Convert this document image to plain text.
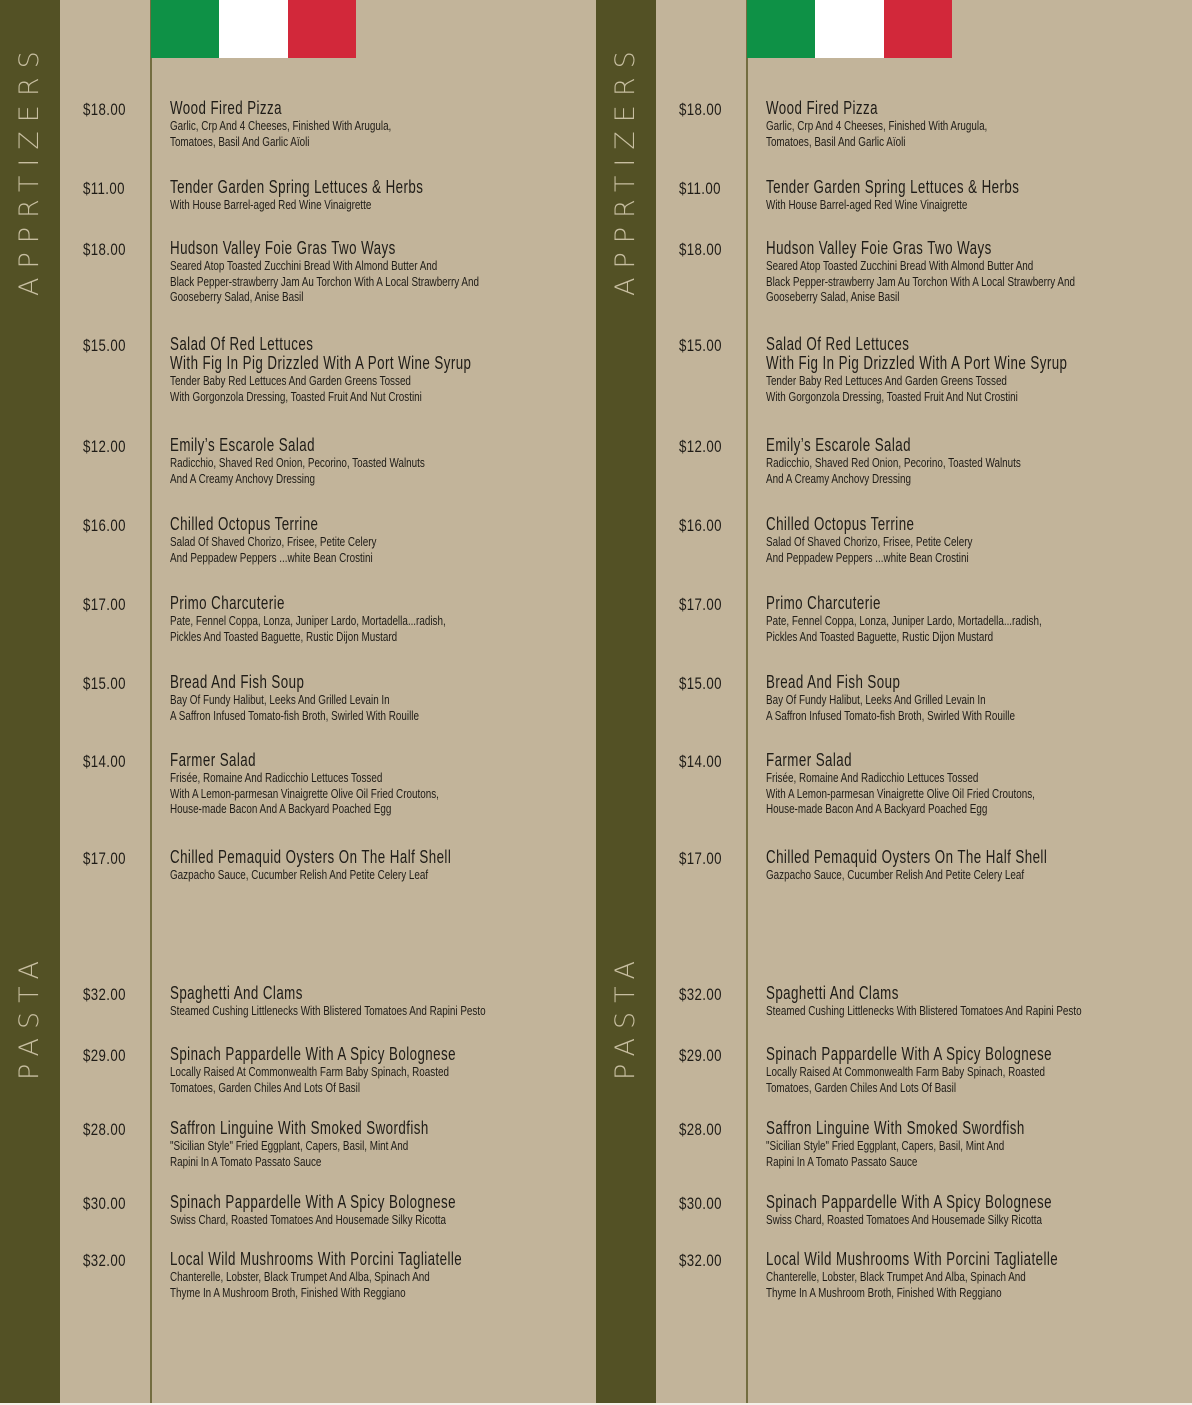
APPRTIZERS
PASTA
$18.00 Wood Fired Pizza
Garlic, Crp And 4 Cheeses, Finished With Arugula,
Tomatoes, Basil And Garlic Aïoli
$11.00	Tender Garden Spring Lettuces & Herbs
With House Barrel-aged Red Wine Vinaigrette
$18.00 Hudson Valley Foie Gras Two Ways
Seared Atop Toasted Zucchini Bread With Almond Butter And
Black Pepper-strawberry Jam Au Torchon With A Local Strawberry And
Gooseberry Salad, Anise Basil
$15.00 Salad Of Red Lettuces
With Fig In Pig Drizzled With A Port Wine Syrup
Tender Baby Red Lettuces And Garden Greens Tossed
With Gorgonzola Dressing, Toasted Fruit And Nut Crostini
$12.00 Emily’s Escarole Salad
Radicchio, Shaved Red Onion, Pecorino, Toasted Walnuts
And A Creamy Anchovy Dressing
$16.00 Chilled Octopus Terrine
Salad Of Shaved Chorizo, Frisee, Petite Celery
And Peppadew Peppers ...white Bean Crostini
$17.00 Primo Charcuterie
Pate, Fennel Coppa, Lonza, Juniper Lardo, Mortadella...radish,
Pickles And Toasted Baguette, Rustic Dijon Mustard
$15.00 Bread And Fish Soup
Bay Of Fundy Halibut, Leeks And Grilled Levain In
A Saffron Infused Tomato-fish Broth, Swirled With Rouille
$14.00 Farmer Salad
Frisée, Romaine And Radicchio Lettuces Tossed
With A Lemon-parmesan Vinaigrette Olive Oil Fried Croutons,
House-made Bacon And A Backyard Poached Egg
$17.00 Chilled Pemaquid Oysters On The Half Shell
Gazpacho Sauce, Cucumber Relish And Petite Celery Leaf
$32.00 Spaghetti And Clams
Steamed Cushing Littlenecks With Blistered Tomatoes And Rapini Pesto
$29.00 Spinach Pappardelle With A Spicy Bolognese
Locally Raised At Commonwealth Farm Baby Spinach, Roasted
Tomatoes, Garden Chiles And Lots Of Basil
$28.00 Saffron Linguine With Smoked Swordfish
"Sicilian Style" Fried Eggplant, Capers, Basil, Mint And
Rapini In A Tomato Passato Sauce
$30.00 Spinach Pappardelle With A Spicy Bolognese
Swiss Chard, Roasted Tomatoes And Housemade Silky Ricotta
$32.00 Local Wild Mushrooms With Porcini Tagliatelle
Chanterelle, Lobster, Black Trumpet And Alba, Spinach And
Thyme In A Mushroom Broth, Finished With Reggiano
APPRTIZERS
PASTA
$18.00 Wood Fired Pizza
Garlic, Crp And 4 Cheeses, Finished With Arugula,
Tomatoes, Basil And Garlic Aïoli
$11.00	Tender Garden Spring Lettuces & Herbs
With House Barrel-aged Red Wine Vinaigrette
$18.00 Hudson Valley Foie Gras Two Ways
Seared Atop Toasted Zucchini Bread With Almond Butter And
Black Pepper-strawberry Jam Au Torchon With A Local Strawberry And
Gooseberry Salad, Anise Basil
$15.00 Salad Of Red Lettuces
With Fig In Pig Drizzled With A Port Wine Syrup
Tender Baby Red Lettuces And Garden Greens Tossed
With Gorgonzola Dressing, Toasted Fruit And Nut Crostini
$12.00 Emily’s Escarole Salad
Radicchio, Shaved Red Onion, Pecorino, Toasted Walnuts
And A Creamy Anchovy Dressing
$16.00 Chilled Octopus Terrine
Salad Of Shaved Chorizo, Frisee, Petite Celery
And Peppadew Peppers ...white Bean Crostini
$17.00 Primo Charcuterie
Pate, Fennel Coppa, Lonza, Juniper Lardo, Mortadella...radish,
Pickles And Toasted Baguette, Rustic Dijon Mustard
$15.00 Bread And Fish Soup
Bay Of Fundy Halibut, Leeks And Grilled Levain In
A Saffron Infused Tomato-fish Broth, Swirled With Rouille
$14.00 Farmer Salad
Frisée, Romaine And Radicchio Lettuces Tossed
With A Lemon-parmesan Vinaigrette Olive Oil Fried Croutons,
House-made Bacon And A Backyard Poached Egg
$17.00 Chilled Pemaquid Oysters On The Half Shell
Gazpacho Sauce, Cucumber Relish And Petite Celery Leaf
$32.00 Spaghetti And Clams
Steamed Cushing Littlenecks With Blistered Tomatoes And Rapini Pesto
$29.00 Spinach Pappardelle With A Spicy Bolognese
Locally Raised At Commonwealth Farm Baby Spinach, Roasted
Tomatoes, Garden Chiles And Lots Of Basil
$28.00 Saffron Linguine With Smoked Swordfish
"Sicilian Style" Fried Eggplant, Capers, Basil, Mint And
Rapini In A Tomato Passato Sauce
$30.00 Spinach Pappardelle With A Spicy Bolognese
Swiss Chard, Roasted Tomatoes And Housemade Silky Ricotta
$32.00 Local Wild Mushrooms With Porcini Tagliatelle
Chanterelle, Lobster, Black Trumpet And Alba, Spinach And
Thyme In A Mushroom Broth, Finished With Reggiano
